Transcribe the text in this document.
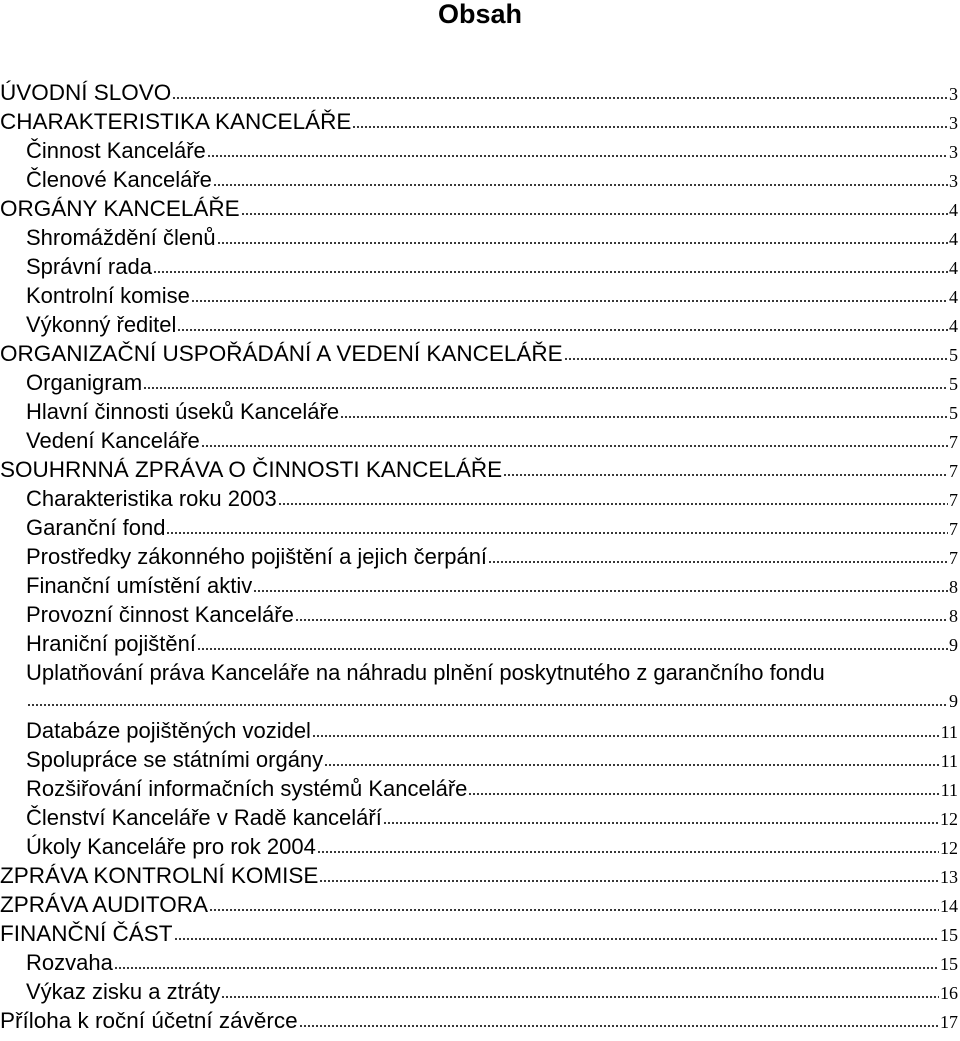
Obsah
ÚVODNÍ SLOVO	3
CHARAKTERISTIKA KANCELÁŘE	3
Činnost Kanceláře	3
Členové Kanceláře	3
ORGÁNY KANCELÁŘE	4
Shromáždění členů	4
Správní rada	4
Kontrolní komise	4
Výkonný ředitel	4
ORGANIZAČNÍ USPOŘÁDÁNÍ A VEDENÍ KANCELÁŘE	5
Organigram	5
Hlavní činnosti úseků Kanceláře	5
Vedení Kanceláře	7
SOUHRNNÁ ZPRÁVA O ČINNOSTI KANCELÁŘE	7
Charakteristika roku 2003	7
Garanční fond	7
Prostředky zákonného pojištění a jejich čerpání	7
Finanční umístění aktiv	8
Provozní činnost Kanceláře	8
Hraniční pojištění	9
Uplatňování práva Kanceláře na náhradu plnění poskytnutého z garančního fondu
9
Databáze pojištěných vozidel	11
Spolupráce se státními orgány	11
Rozšiřování informačních systémů Kanceláře	11
Členství Kanceláře v Radě kanceláří	12
Úkoly Kanceláře pro rok 2004	12
ZPRÁVA KONTROLNÍ KOMISE	13
ZPRÁVA AUDITORA	14
FINANČNÍ ČÁST	15
Rozvaha	15
Výkaz zisku a ztráty	16
Příloha k roční účetní závěrce	17
